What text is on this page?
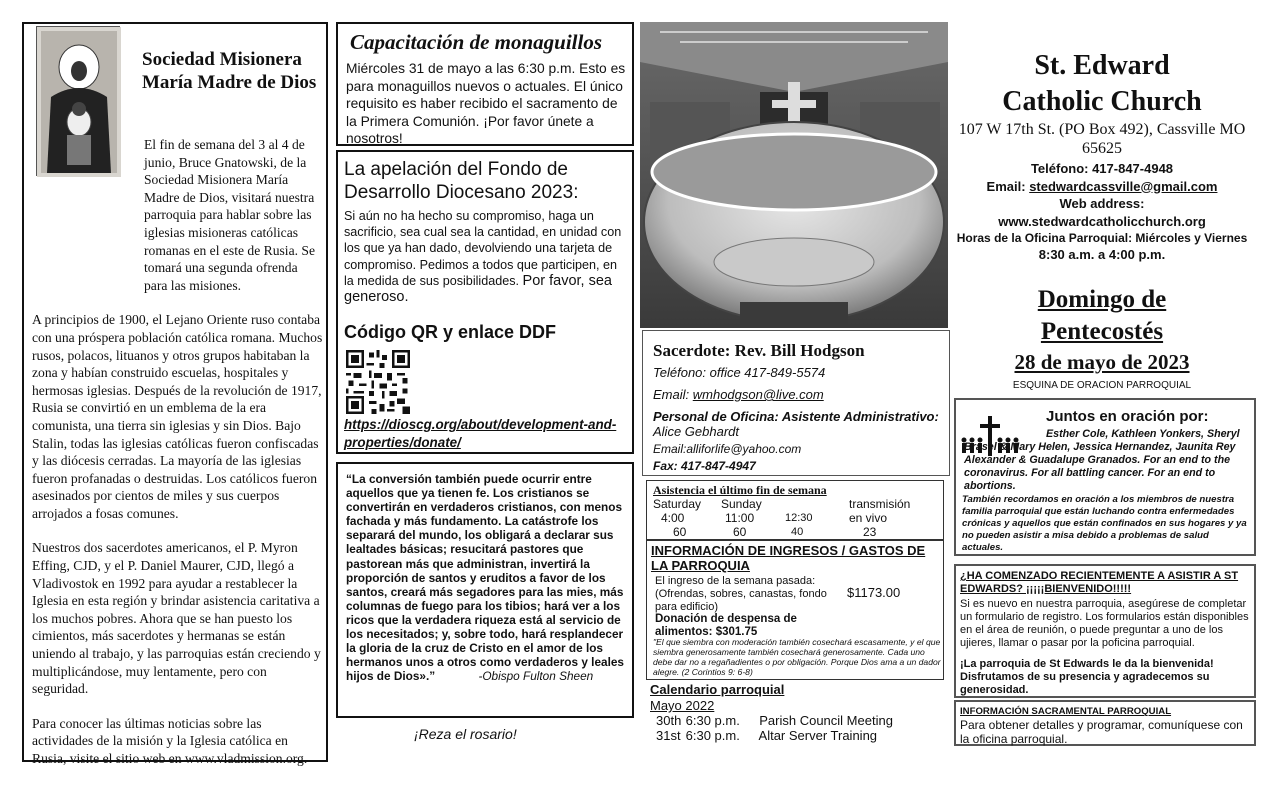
Sociedad Misionera María Madre de Dios

El fin de semana del 3 al 4 de junio, Bruce Gnatowski, de la Sociedad Misionera María Madre de Dios, visitará nuestra parroquia para hablar sobre las iglesias misioneras católicas romanas en el este de Rusia. Se tomará una segunda ofrenda para las misiones.

A principios de 1900, el Lejano Oriente ruso contaba con una próspera población católica romana. Muchos rusos, polacos, lituanos y otros grupos habitaban la zona y habían construido escuelas, hospitales y hermosas iglesias. Después de la revolución de 1917, Rusia se convirtió en un emblema de la era comunista, una tierra sin iglesias y sin Dios. Bajo Stalin, todas las iglesias católicas fueron confiscadas y las diócesis cerradas. La mayoría de las iglesias fueron profanadas o destruidas. Los católicos fueron asesinados por cientos de miles y sus cuerpos arrojados a fosas comunes.

Nuestros dos sacerdotes americanos, el P. Myron Effing, CJD, y el P. Daniel Maurer, CJD, llegó a Vladivostok en 1992 para ayudar a restablecer la Iglesia en esta región y brindar asistencia caritativa a los muchos pobres. Ahora que se han puesto los cimientos, más sacerdotes y hermanas se están uniendo al trabajo, y las parroquias están creciendo y multiplicándose, muy lentamente, pero con seguridad.

Para conocer las últimas noticias sobre las actividades de la misión y la Iglesia católica en Rusia, visite el sitio web en www.vladmission.org.

Capacitación de monaguillos
Miércoles 31 de mayo a las 6:30 p.m. Esto es para monaguillos nuevos o actuales. El único requisito es haber recibido el sacramento de la Primera Comunión. ¡Por favor únete a nosotros!
La apelación del Fondo de Desarrollo Diocesano 2023:
Si aún no ha hecho su compromiso, haga un sacrificio, sea cual sea la cantidad, en unidad con los que ya han dado, devolviendo una tarjeta de compromiso. Pedimos a todos que participen, en la medida de sus posibilidades. Por favor, sea generoso.
Código QR y enlace DDF
https://dioscg.org/about/development-and-properties/donate/
“La conversión también puede ocurrir entre aquellos que ya tienen fe. Los cristianos se convertirán en verdaderos cristianos, con menos fachada y más fundamento. La catástrofe los separará del mundo, los obligará a declarar sus lealtades básicas; resucitará pastores que pastorean más que administran, invertirá la proporción de santos y eruditos a favor de los santos, creará más segadores para las mies, más columnas de fuego para los tibios; hará ver a los ricos que la verdadera riqueza está al servicio de los necesitados; y, sobre todo, hará resplandecer la gloria de la cruz de Cristo en el amor de los hermanos unos a otros como verdaderos y leales hijos de Dios».”	-Obispo Fulton Sheen
¡Reza el rosario!
Sacerdote: Rev. Bill Hodgson
Teléfono: office 417-849-5574
Email: wmhodgson@live.com
Personal de Oficina: Asistente Administrativo: Alice Gebhardt
Email:alliforlife@yahoo.com
Fax: 417-847-4947
Asistencia el último fin de semana
Saturday
4:00
60
Sunday
11:00
60
12:30
40
transmisión
en vivo
23
INFORMACIÓN DE INGRESOS / GASTOS DE LA PARROQUIA
El ingreso de la semana pasada: (Ofrendas, sobres, canastas, fondo para edificio)
$1173.00
Donación de despensa de alimentos: $301.75
"El que siembra con moderación también cosechará escasamente, y el que siembra generosamente también cosechará generosamente. Cada uno debe dar no a regañadientes o por obligación. Porque Dios ama a un dador alegre. (2 Corintios 9: 6-8)
Calendario parroquial
Mayo 2022
30th 6:30 p.m. Parish Council Meeting
31st 6:30 p.m. Altar Server Training
St. Edward
Catholic Church
107 W 17th St. (PO Box 492), Cassville MO 65625
Teléfono: 417-847-4948
Email: stedwardcassville@gmail.com
Web address:
www.stedwardcatholicchurch.org
Horas de la Oficina Parroquial: Miércoles y Viernes
8:30 a.m. a 4:00 p.m.
Domingo de
Pentecostés
28 de mayo de 2023
ESQUINA DE ORACION PARROQUIAL
Juntos en oración por:
Esther Cole, Kathleen Yonkers, Sheryl Brasel & Mary Helen, Jessica Hernandez, Jaunita Rey Alexander & Guadalupe Granados. For an end to the coronavirus. For all battling cancer. For an end to abortions.
También recordamos en oración a los miembros de nuestra familia parroquial que están luchando contra enfermedades crónicas y aquellos que están confinados en sus hogares y ya no pueden asistir a misa debido a problemas de salud actuales.
¿HA COMENZADO RECIENTEMENTE A ASISTIR A ST EDWARDS? ¡¡¡¡¡BIENVENIDO!!!!!
Si es nuevo en nuestra parroquia, asegúrese de completar un formulario de registro. Los formularios están disponibles en el área de reunión, o puede preguntar a uno de los ujieres, llamar o pasar por la poficina parroquial.
¡La parroquia de St Edwards le da la bienvenida! Disfrutamos de su presencia y agradecemos su generosidad.
INFORMACIÓN SACRAMENTAL PARROQUIAL
Para obtener detalles y programar, comuníquese con la oficina parroquial.
